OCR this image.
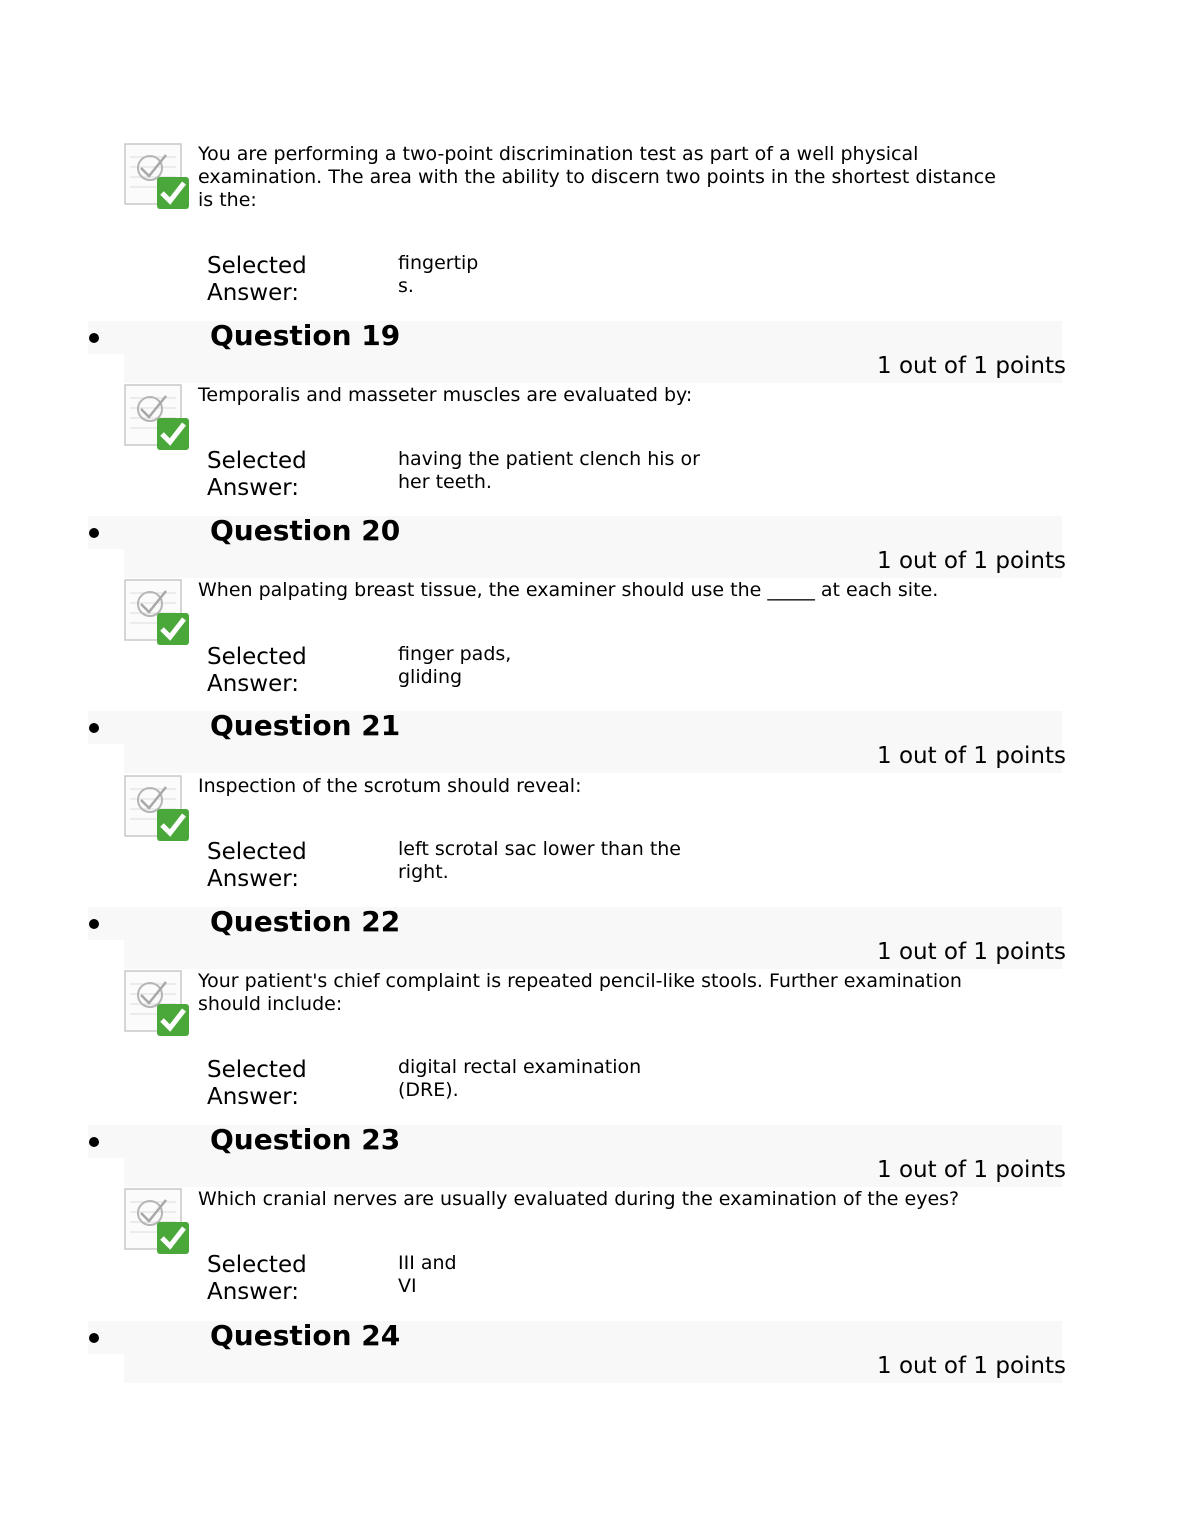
You are performing a two-point discrimination test as part of a well physical examination. The area with the ability to discern two points in the shortest distance is the:
Selected Answer:
fingertip s.
Question 19
1 out of 1 points
Temporalis and masseter muscles are evaluated by:
Selected Answer:
having the patient clench his or her teeth.
Question 20
1 out of 1 points
When palpating breast tissue, the examiner should use the _____ at each site.
Selected Answer:
finger pads, gliding
Question 21
1 out of 1 points
Inspection of the scrotum should reveal:
Selected Answer:
left scrotal sac lower than the right.
Question 22
1 out of 1 points
Your patient's chief complaint is repeated pencil-like stools. Further examination should include:
Selected Answer:
digital rectal examination (DRE).
Question 23
1 out of 1 points
Which cranial nerves are usually evaluated during the examination of the eyes?
Selected Answer:
III and VI
Question 24
1 out of 1 points
